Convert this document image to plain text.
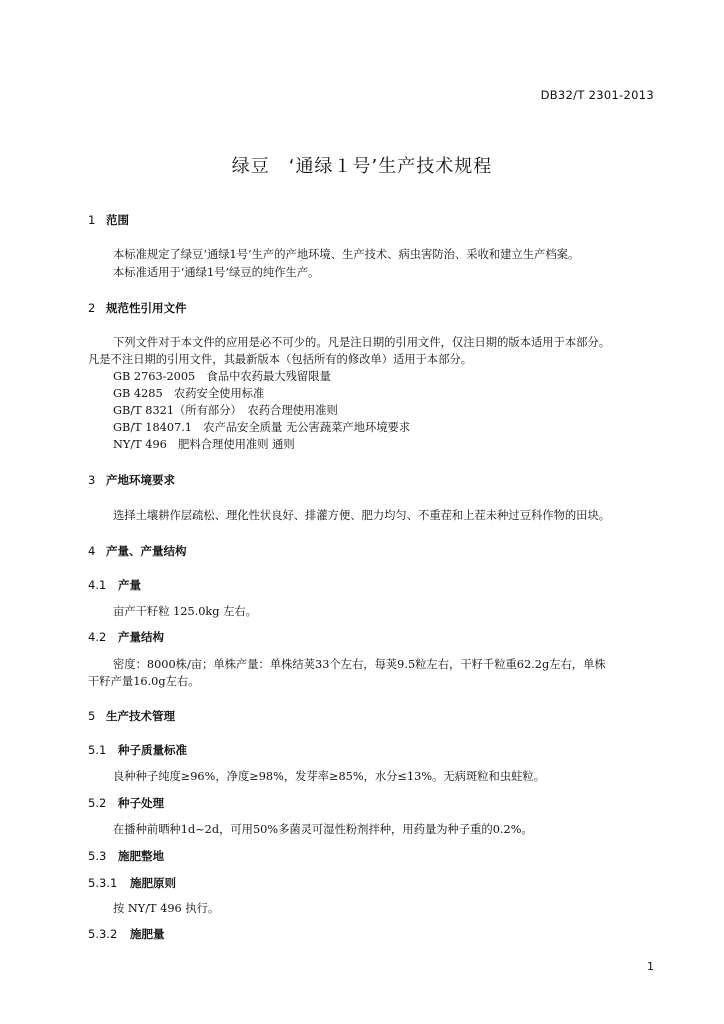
DB32/T 2301-2013
绿豆　‘通绿１号’生产技术规程
1 范围
本标准规定了绿豆‘通绿1号’生产的产地环境、生产技术、病虫害防治、采收和建立生产档案。
本标准适用于‘通绿1号’绿豆的纯作生产。
2 规范性引用文件
下列文件对于本文件的应用是必不可少的。凡是注日期的引用文件，仅注日期的版本适用于本部分。
凡是不注日期的引用文件，其最新版本（包括所有的修改单）适用于本部分。
GB 2763-2005　食品中农药最大残留限量
GB 4285　农药安全使用标准
GB/T 8321（所有部分）　农药合理使用准则
GB/T 18407.1　农产品安全质量 无公害蔬菜产地环境要求
NY/T 496　肥料合理使用准则 通则
3 产地环境要求
选择土壤耕作层疏松、理化性状良好、排灌方便、肥力均匀、不重茬和上茬未种过豆科作物的田块。
4 产量、产量结构
4.1 产量
亩产干籽粒 125.0kg 左右。
4.2 产量结构
密度：8000株/亩；单株产量：单株结荚33个左右，每荚9.5粒左右，干籽千粒重62.2g左右，单株
干籽产量16.0g左右。
5 生产技术管理
5.1 种子质量标准
良种种子纯度≥96%，净度≥98%，发芽率≥85%，水分≤13%。无病斑粒和虫蛀粒。
5.2 种子处理
在播种前晒种1d~2d，可用50%多菌灵可湿性粉剂拌种，用药量为种子重的0.2%。
5.3 施肥整地
5.3.1 施肥原则
按 NY/T 496 执行。
5.3.2 施肥量
1
